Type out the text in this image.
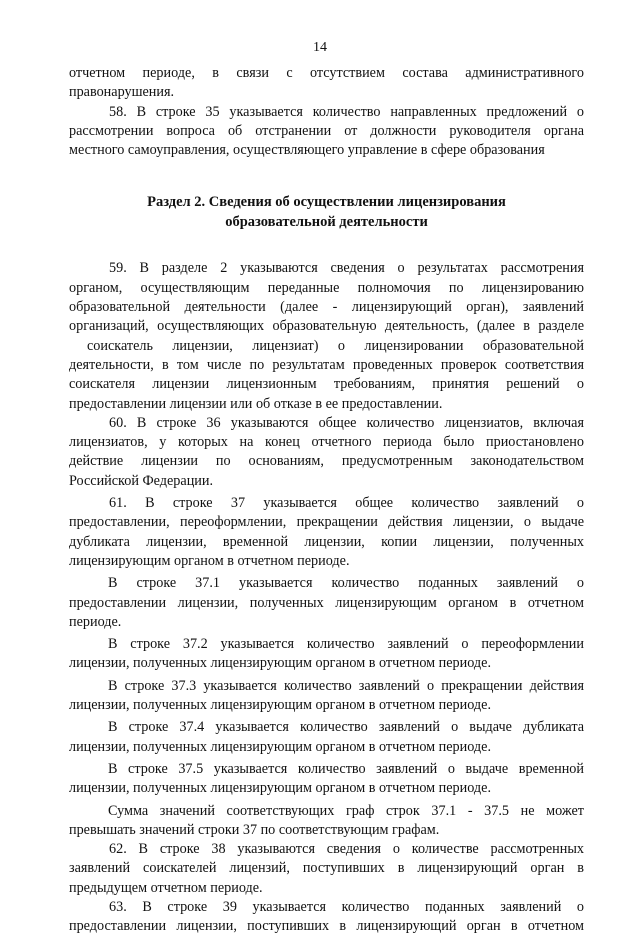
14
отчетном периоде, в связи с отсутствием состава административного
правонарушения.
58. В строке 35 указывается количество направленных предложений о
рассмотрении вопроса об отстранении от должности руководителя органа
местного самоуправления, осуществляющего управление в сфере образования
Раздел 2. Сведения об осуществлении лицензирования
образовательной деятельности
59. В разделе 2 указываются сведения о результатах рассмотрения
органом, осуществляющим переданные полномочия по лицензированию
образовательной деятельности (далее - лицензирующий орган), заявлений
организаций, осуществляющих образовательную деятельность, (далее в разделе
соискатель лицензии, лицензиат) о лицензировании образовательной
деятельности, в том числе по результатам проведенных проверок соответствия
соискателя лицензии лицензионным требованиям, принятия решений о
предоставлении лицензии или об отказе в ее предоставлении.
60. В строке 36 указываются общее количество лицензиатов, включая
лицензиатов, у которых на конец отчетного периода было приостановлено
действие лицензии по основаниям, предусмотренным законодательством
Российской Федерации.
61. В строке 37 указывается общее количество заявлений о
предоставлении, переоформлении, прекращении действия лицензии, о выдаче
дубликата лицензии, временной лицензии, копии лицензии, полученных
лицензирующим органом в отчетном периоде.
В строке 37.1 указывается количество поданных заявлений о
предоставлении лицензии, полученных лицензирующим органом в отчетном
периоде.
В строке 37.2 указывается количество заявлений о переоформлении
лицензии, полученных лицензирующим органом в отчетном периоде.
В строке 37.3 указывается количество заявлений о прекращении действия
лицензии, полученных лицензирующим органом в отчетном периоде.
В строке 37.4 указывается количество заявлений о выдаче дубликата
лицензии, полученных лицензирующим органом в отчетном периоде.
В строке 37.5 указывается количество заявлений о выдаче временной
лицензии, полученных лицензирующим органом в отчетном периоде.
Сумма значений соответствующих граф строк 37.1 - 37.5 не может
превышать значений строки 37 по соответствующим графам.
62. В строке 38 указываются сведения о количестве рассмотренных
заявлений соискателей лицензий, поступивших в лицензирующий орган в
предыдущем отчетном периоде.
63. В строке 39 указывается количество поданных заявлений о
предоставлении лицензии, поступивших в лицензирующий орган в отчетном
